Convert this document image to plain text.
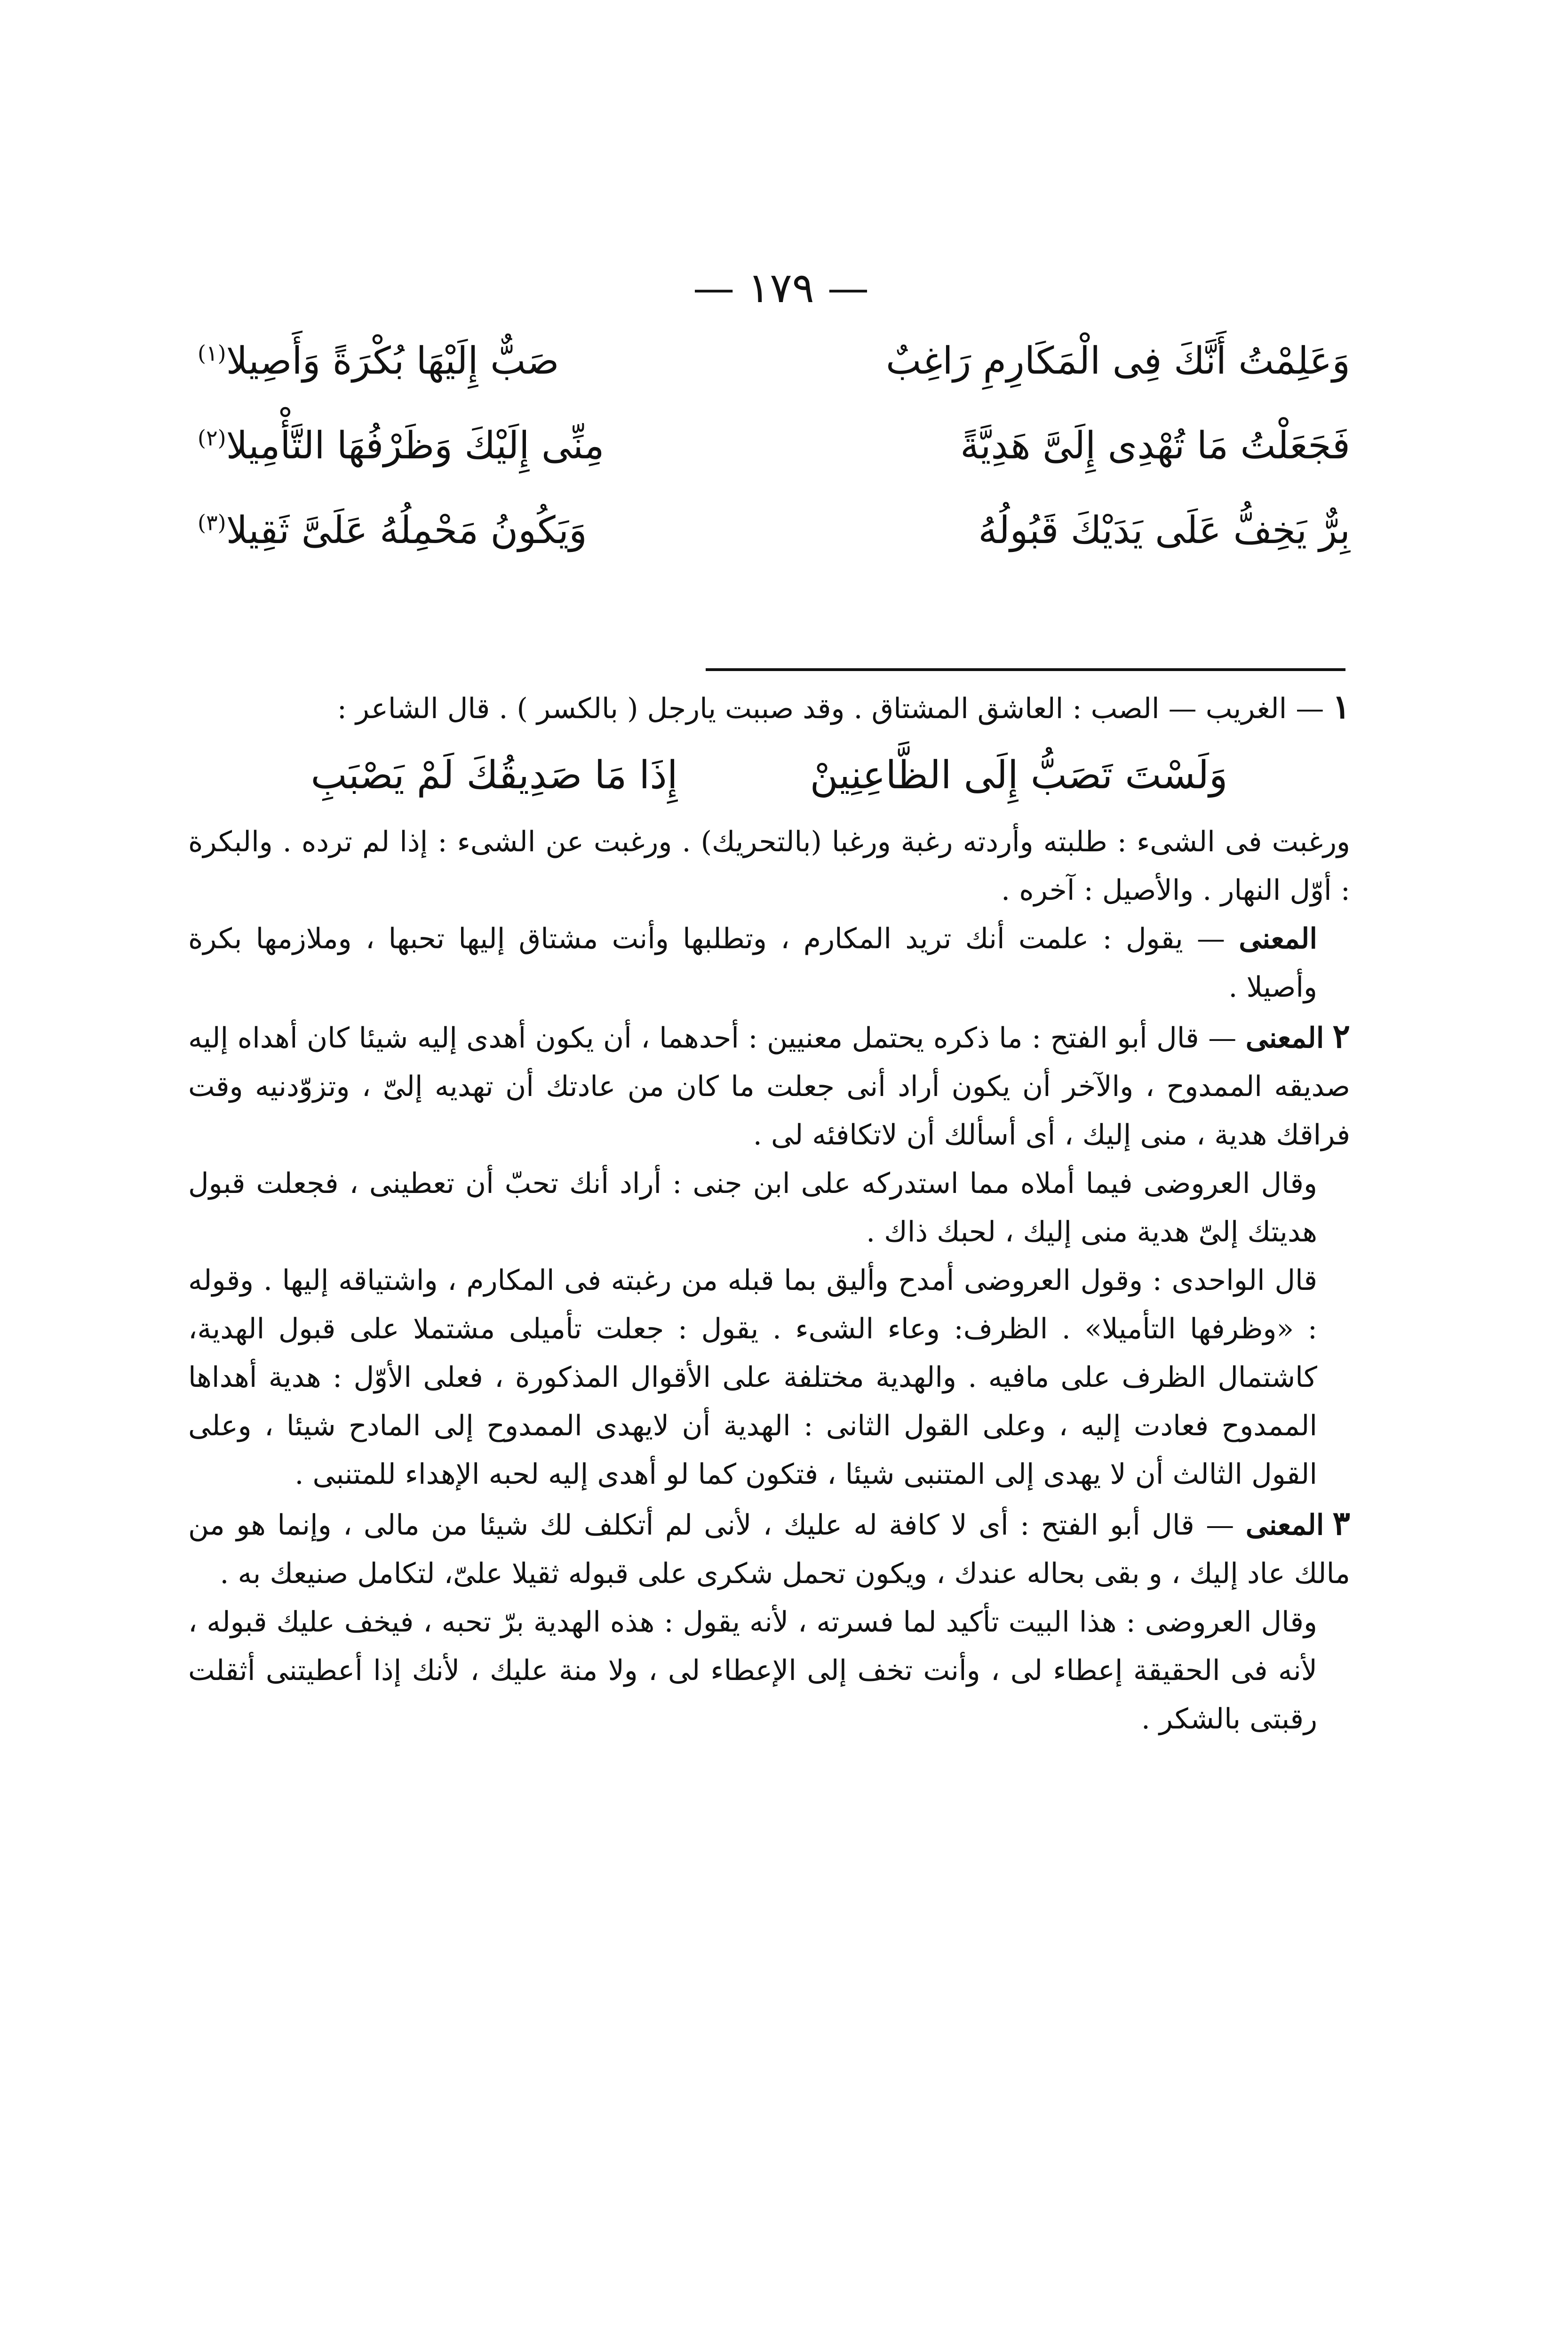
— ١٧٩ —
وَعَلِمْتُ أَنَّكَ فِى الْمَكَارِمِ رَاغِبٌ
صَبٌّ إِلَيْهَا بُكْرَةً وَأَصِيلا$^{(١)}$
فَجَعَلْتُ مَا تُهْدِى إِلَىَّ هَدِيَّةً
مِنِّى إِلَيْكَ وَظَرْفُهَا التَّأْمِيلا$^{(٢)}$
بِرٌّ يَخِفُّ عَلَى يَدَيْكَ قَبُولُهُ
وَيَكُونُ مَحْمِلُهُ عَلَىَّ ثَقِيلا$^{(٣)}$

١— الغريب — الصب : العاشق المشتاق . وقد صببت يارجل ( بالكسر ) . قال الشاعر :

وَلَسْتَ تَصَبُّ إِلَى الظَّاعِنِينْ
إِذَا مَا صَدِيقُكَ لَمْ يَصْبَبِ

ورغبت فى الشىء : طلبته وأردته رغبة ورغبا (بالتحريك) . ورغبت عن الشىء : إذا لم ترده . والبكرة : أوّل النهار . والأصيل : آخره .

المعنى — يقول : علمت أنك تريد المكارم ، وتطلبها وأنت مشتاق إليها تحبها ، وملازمها بكرة وأصيلا .

٢المعنى — قال أبو الفتح : ما ذكره يحتمل معنيين : أحدهما ، أن يكون أهدى إليه شيئا كان أهداه إليه صديقه الممدوح ، والآخر أن يكون أراد أنى جعلت ما كان من عادتك أن تهديه إلىّ ، وتزوّدنيه وقت فراقك هدية ، منى إليك ، أى أسألك أن لاتكافئه لى .

وقال العروضى فيما أملاه مما استدركه على ابن جنى : أراد أنك تحبّ أن تعطينى ، فجعلت قبول هديتك إلىّ هدية منى إليك ، لحبك ذاك .

قال الواحدى : وقول العروضى أمدح وأليق بما قبله من رغبته فى المكارم ، واشتياقه إليها . وقوله : «وظرفها التأميلا» . الظرف: وعاء الشىء . يقول : جعلت تأميلى مشتملا على قبول الهدية، كاشتمال الظرف على مافيه . والهدية مختلفة على الأقوال المذكورة ، فعلى الأوّل : هدية أهداها الممدوح فعادت إليه ، وعلى القول الثانى : الهدية أن لايهدى الممدوح إلى المادح شيئا ، وعلى القول الثالث أن لا يهدى إلى المتنبى شيئا ، فتكون كما لو أهدى إليه لحبه الإهداء للمتنبى .

٣المعنى — قال أبو الفتح : أى لا كافة له عليك ، لأنى لم أتكلف لك شيئا من مالى ، وإنما هو من مالك عاد إليك ، و بقى بحاله عندك ، ويكون تحمل شكرى على قبوله ثقيلا علىّ، لتكامل صنيعك به .

وقال العروضى : هذا البيت تأكيد لما فسرته ، لأنه يقول : هذه الهدية برّ تحبه ، فيخف عليك قبوله ، لأنه فى الحقيقة إعطاء لى ، وأنت تخف إلى الإعطاء لى ، ولا منة عليك ، لأنك إذا أعطيتنى أثقلت رقبتى بالشكر .
